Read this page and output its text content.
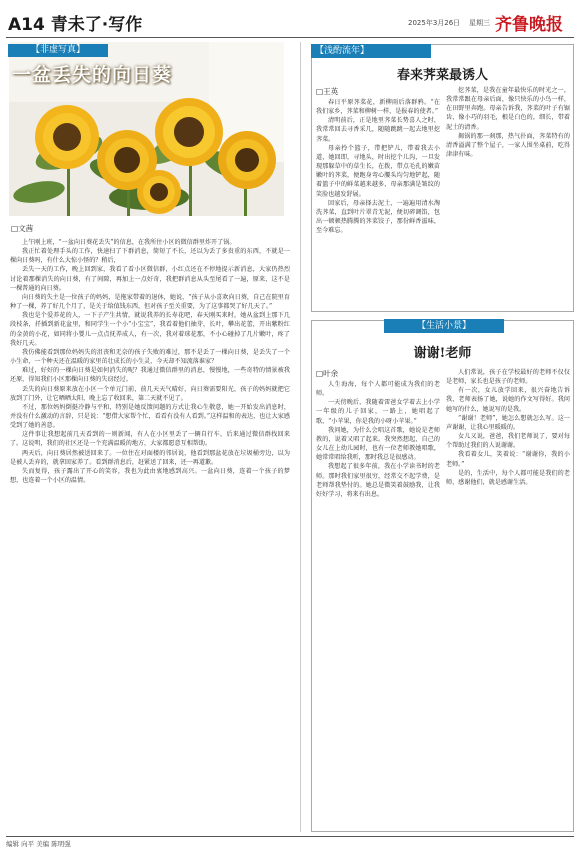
A14 青未了·写作	2025年3月26日 星期三 齐鲁晚报
【非虚写真】
一盆丢失的向日葵
□文茜

上午刚上班，“一盆向日葵花丢失”的信息，在我所住小区的微信群里炸开了锅。

我正忙着处理手头的工作，快速扫了下群消息，简短了不长，还以为丢了多贵重的东西，不就是一棵向日葵吗，有什么大惊小怪的？稍后，

丢失一天的工作，晚上回到家，我看了看小区微信群，小红点还在不停地提示新消息，大家仍热烈讨论着那棵消失的向日葵，有了间隙，再加上一点好奇，我把群消息从头至尾看了一遍，原来，这不是一棵普通的向日葵。

向日葵的失主是一位孩子的妈妈，是拖家带着的退休，她说，“孩子从小喜欢向日葵，自己在院里育种了一棵，养了好几个月了，是关于给值钱东西，但对孩子至关重要，为了这事都哭了好几天了。”

我也是个爱养花的人，一下子产生共情，就说我养的长寿花吧，春天刚买来时，她从盆到上那下几段枝条，扦插到新花盆里，和同学生一个小“小宝宝”，我看着他们抽芽，长叶，攀出花蕾，开出紫粉红的金黄的小花，如同将小婴儿一点点抚养成人，有一次，我对着球花那，不小心碰掉了几片嫩叶，疼了我好几天。

我仿佛能看到那位妈妈失的沮丧和无奈的孩子失败的难过，那不是丢了一棵向日葵，是丢失了一个小生命，一个种天还在温暖的家里茁壮成长的小生灵，今天却不知流落谁家？

难过，好好的一棵向日葵是如何消失的呢？我通过微信群里的消息，慢慢地，一些奇特的情景被我还原，得知我们小区那棵向日葵的失窃经过。

丢失的向日葵原来放在小区一个单元门前，前几天天气晴好，向日葵需要阳光，孩子的妈妈就把它放到了门外，让它晒晒太阳，晚上忘了收回来，第二天就不见了。

不过，那位妈妈倒挺冷静与平和，特别是她反馈问题的方式让我心生敬意，她一开始发出消息时，并没有什么激动的言辞，只是说：“想借大家帮个忙，看看有没有人看到。”这样温和的表达，也让大家感受到了她的善意。

这件事让我想起前几天看到的一则新闻，有人在小区里丢了一辆自行车，后来通过微信群找回来了。这说明，我们的社区还是一个充满温暖的地方，大家都愿意互相帮助。

两天后，向日葵居然被送回来了。一位住在对面楼的邻居说，他看到那盆花放在垃圾桶旁边，以为是被人丢弃的，就拿回家养了。看到群消息后，赶紧送了回来，还一再道歉。

失而复得，孩子露出了开心的笑容，我也为此由衷地感到高兴。一盆向日葵，连着一个孩子的梦想，也连着一个小区的温情。

【浅酌流年】
春来荠菜最诱人
□王英

春日平原荠菜花，新柳雨后落群鸦。“在我们家乡，荠菜和柳树一样，是报春的使者。”

清明前后，正是地里荠菜长势喜人之时，我常常回去寻香采几，随随跳跳一起去地里挖荠菜。

母亲拎个篮子，带把铲儿，带着我去小道，她回即，寻地头，时出挖个儿沟，一旦发现那躲草中的草生长，在拨，带点毛孔的嫩苗嫩叶的荠菜，便跑身弯心腰头均匀地铲起，随着篮子中的鲜菜越来越多，母亲那满是皱纹的笑脸也越发舒展。

回家后，母亲择去泥土，一遍遍用清水淘洗荠菜，直到叶片翠青无泥，便切碎调馅，包出一顿顿热腾腾的荠菜饺子，那份鲜香滋味，至今难忘。

挖荠菜，是我在童年最快乐的时光之一，我常常跟在母亲后面，像只快乐的小鸟一样，在田野里奔跑。母亲告诉我，荠菜的叶子有锯齿，像小巧的羽毛，根是白色的，细长，带着泥土的清香。

揭锅的那一刹那，热气扑面，荠菜特有的清香溢满了整个屋子，一家人围坐桌前，吃得津津有味。

【生活小景】
谢谢!老师
□叶余

人生海海，每个人都可能成为我们的老师。

一天傍晚后，我随着雷爸女学着去上小学一年级的儿子回家，一路上，她唱起了歌，“小苹果，你是我的小呀小苹果。”

我问她，为什么会唱这首歌，她说是老师教的，说着又唱了起来。我突然想起，自己的女儿在上幼儿园时，也有一位老师教她唱歌，她常常唱给我听，那时我总是很感动。

我想起了很多年前，我在小学读书时的老师。那时我们家里很穷，经常交不起学费，是老师帮我垫付的。她总是微笑着鼓励我，让我好好学习，将来有出息。

人们常说，孩子在学校最好的老师不仅仅是老师，家长也是孩子的老师。

有一次，女儿放学回来，很兴奋地告诉我，老师表扬了她，说她的作文写得好。我问她写的什么，她说写的是我。

“谢谢！老师”，她怎么想就怎么写。这一声谢谢，让我心里暖暖的。

女儿又说，爸爸，我们老师说了，要对每个帮助过我们的人说谢谢。

我看着女儿，笑着说：“谢谢你，我的小老师。”

是的，生活中，每个人都可能是我们的老师，感谢他们，就是感谢生活。

编辑 向平 美编 陈明强
